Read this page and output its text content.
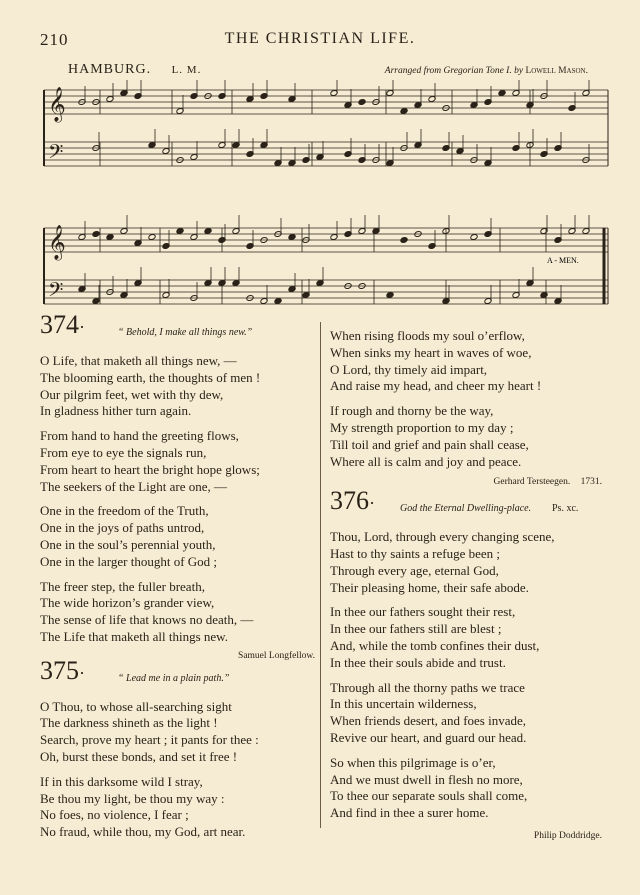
210	THE CHRISTIAN LIFE.
HAMBURG. L. M.	Arranged from Gregorian Tone I. by Lowell Mason.
𝄞
𝄞
𝄢
𝄢
A - MEN.
374·	“ Behold, I make all things new.”
O Life, that maketh all things new, —
The blooming earth, the thoughts of men !
Our pilgrim feet, wet with thy dew,
In gladness hither turn again.
From hand to hand the greeting flows,
From eye to eye the signals run,
From heart to heart the bright hope glows;
The seekers of the Light are one, —
One in the freedom of the Truth,
One in the joys of paths untrod,
One in the soul’s perennial youth,
One in the larger thought of God ;
The freer step, the fuller breath,
The wide horizon’s grander view,
The sense of life that knows no death, —
The Life that maketh all things new.
Samuel Longfellow.
375·	“ Lead me in a plain path.”
O Thou, to whose all-searching sight
The darkness shineth as the light !
Search, prove my heart ; it pants for thee :
Oh, burst these bonds, and set it free !
If in this darksome wild I stray,
Be thou my light, be thou my way :
No foes, no violence, I fear ;
No fraud, while thou, my God, art near.
When rising floods my soul o’erflow,
When sinks my heart in waves of woe,
O Lord, thy timely aid impart,
And raise my head, and cheer my heart !
If rough and thorny be the way,
My strength proportion to my day ;
Till toil and grief and pain shall cease,
Where all is calm and joy and peace.
Gerhard Tersteegen. 1731.
376·	God the Eternal Dwelling-place. Ps. xc.
Thou, Lord, through every changing scene,
Hast to thy saints a refuge been ;
Through every age, eternal God,
Their pleasing home, their safe abode.
In thee our fathers sought their rest,
In thee our fathers still are blest ;
And, while the tomb confines their dust,
In thee their souls abide and trust.
Through all the thorny paths we trace
In this uncertain wilderness,
When friends desert, and foes invade,
Revive our heart, and guard our head.
So when this pilgrimage is o’er,
And we must dwell in flesh no more,
To thee our separate souls shall come,
And find in thee a surer home.
Philip Doddridge.
